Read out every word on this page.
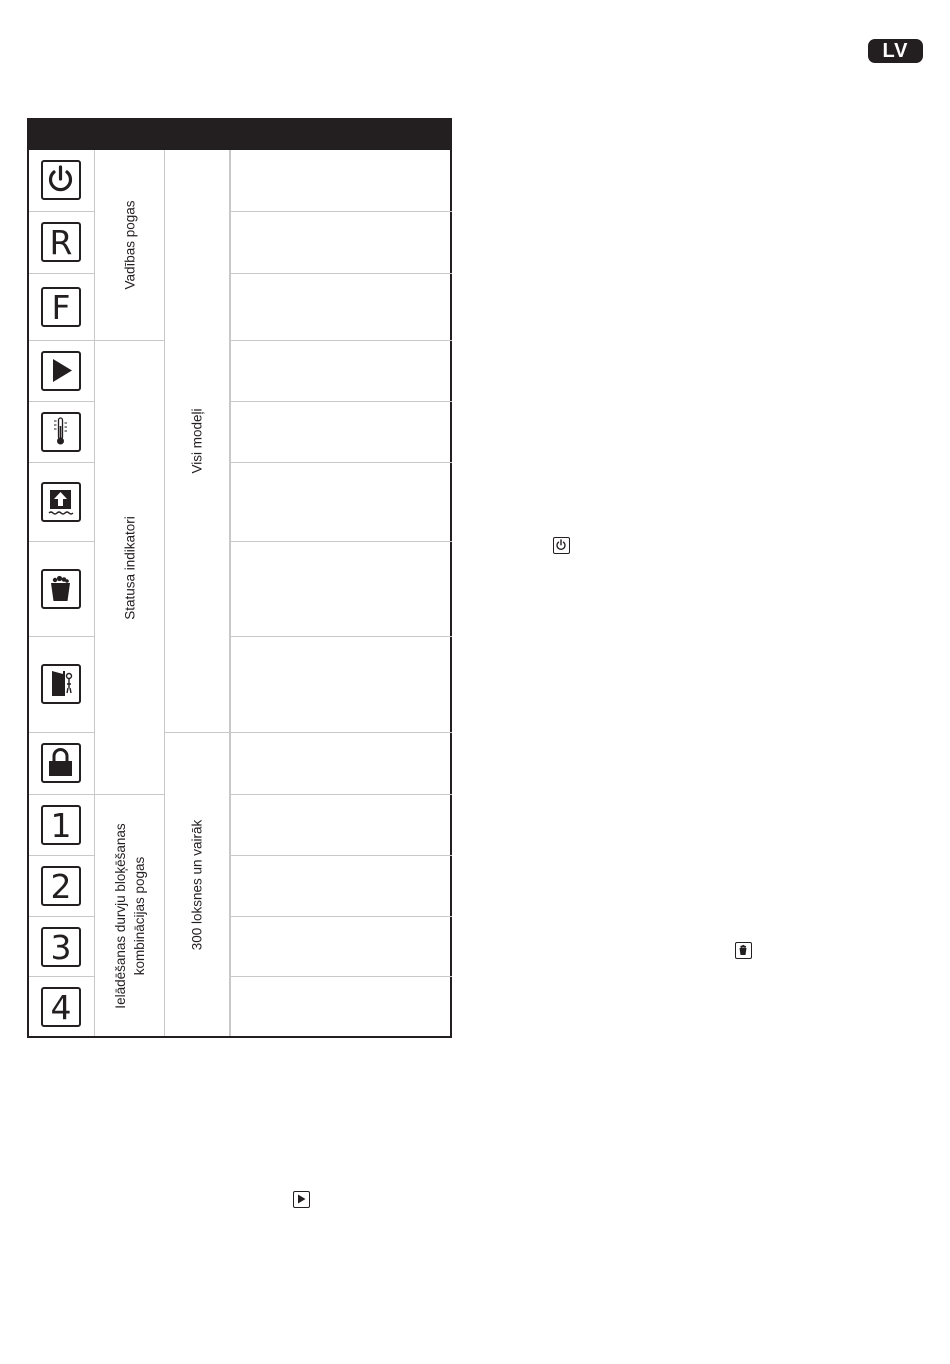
LV
R
F
1
2
3
4
Vadības pogas
Statusa indikatori
Ielādēšanas durvju bloķēšanas kombinācijas pogas
Visi modeļi
300 loksnes un vairāk
